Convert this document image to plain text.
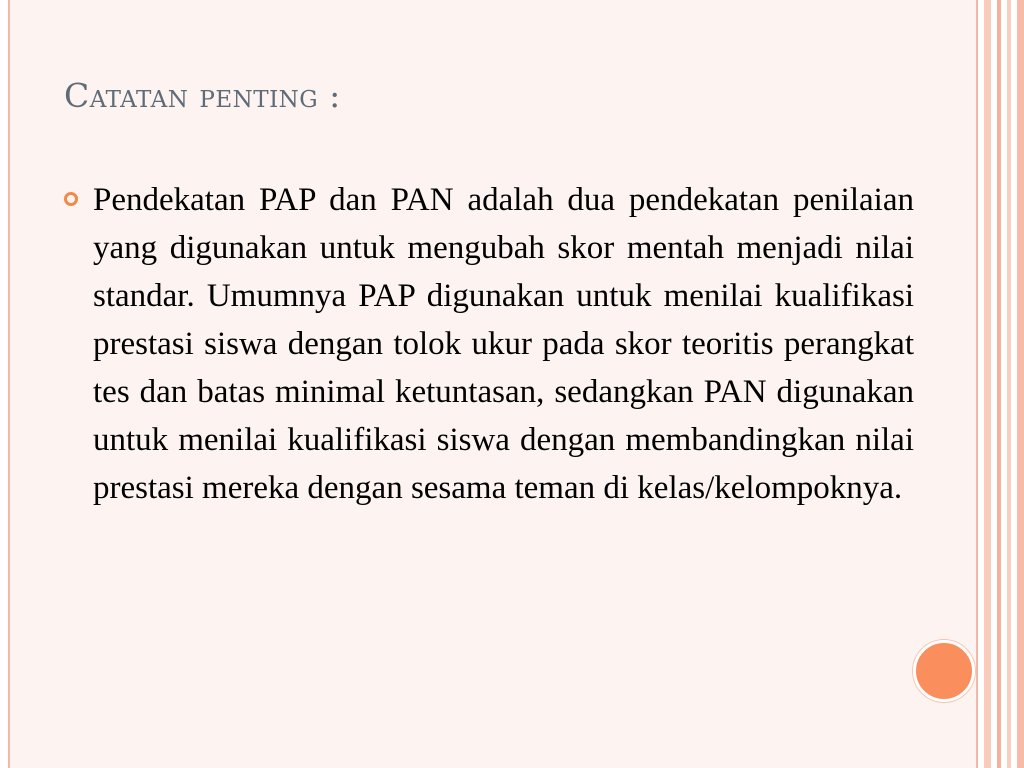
Catatan penting :

Pendekatan PAP dan PAN adalah dua pendekatan penilaian yang digunakan untuk mengubah skor mentah menjadi nilai standar. Umumnya PAP digunakan untuk menilai kualifikasi prestasi siswa dengan tolok ukur pada skor teoritis perangkat tes dan batas minimal ketuntasan, sedangkan PAN digunakan untuk menilai kualifikasi siswa dengan membandingkan nilai prestasi mereka dengan sesama teman di kelas/kelompoknya.
